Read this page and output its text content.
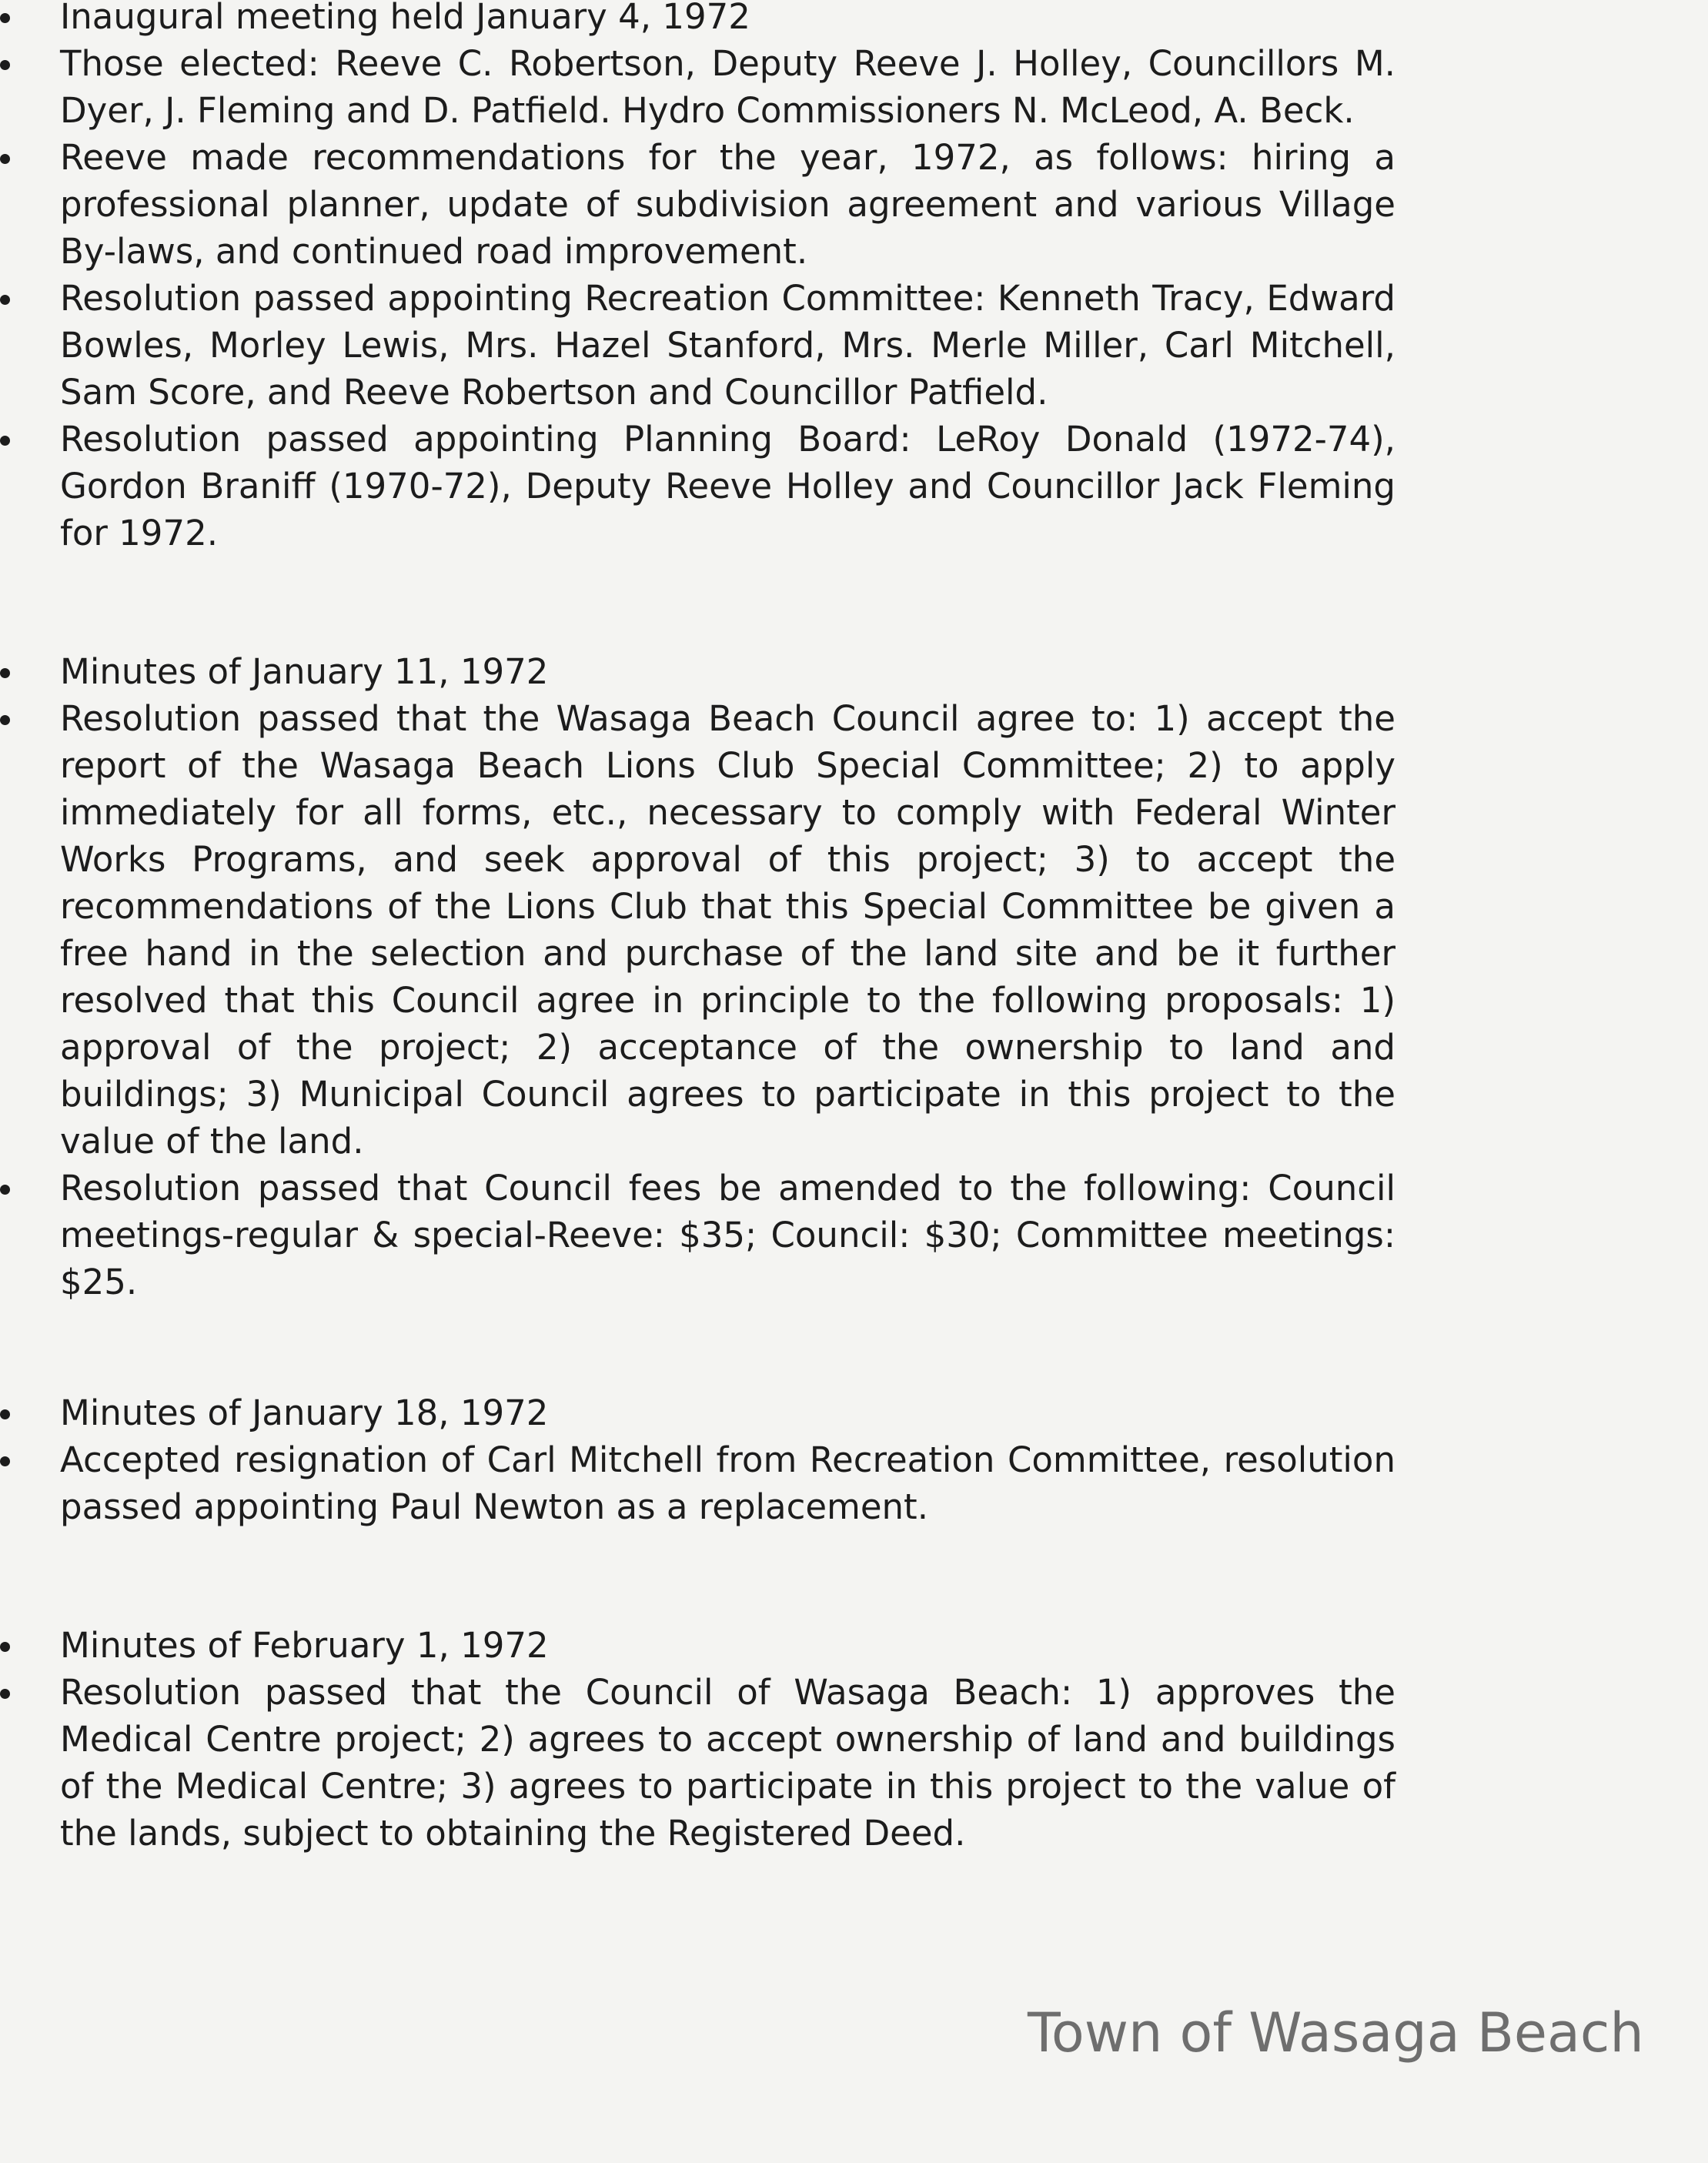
Inaugural meeting held January 4, 1972
Those elected: Reeve C. Robertson, Deputy Reeve J. Holley, Councillors M. Dyer, J. Fleming and D. Patfield. Hydro Commissioners N. McLeod, A. Beck.
Reeve made recommendations for the year, 1972, as follows: hiring a professional planner, update of subdivision agreement and various Village By-laws, and continued road improvement.
Resolution passed appointing Recreation Committee: Kenneth Tracy, Edward Bowles, Morley Lewis, Mrs. Hazel Stanford, Mrs. Merle Miller, Carl Mitchell, Sam Score, and Reeve Robertson and Councillor Patfield.
Resolution passed appointing Planning Board: LeRoy Donald (1972-74), Gordon Braniff (1970-72), Deputy Reeve Holley and Councillor Jack Fleming for 1972.
Minutes of January 11, 1972
Resolution passed that the Wasaga Beach Council agree to: 1) accept the report of the Wasaga Beach Lions Club Special Committee; 2) to apply immediately for all forms, etc., necessary to comply with Federal Winter Works Programs, and seek approval of this project; 3) to accept the recommendations of the Lions Club that this Special Committee be given a free hand in the selection and purchase of the land site and be it further resolved that this Council agree in principle to the following proposals: 1) approval of the project; 2) acceptance of the ownership to land and buildings; 3) Municipal Council agrees to participate in this project to the value of the land.
Resolution passed that Council fees be amended to the following: Council meetings-regular & special-Reeve: $35; Council: $30; Committee meetings: $25.
Minutes of January 18, 1972
Accepted resignation of Carl Mitchell from Recreation Committee, resolution passed appointing Paul Newton as a replacement.
Minutes of February 1, 1972
Resolution passed that the Council of Wasaga Beach: 1) approves the Medical Centre project; 2) agrees to accept ownership of land and buildings of the Medical Centre; 3) agrees to participate in this project to the value of the lands, subject to obtaining the Registered Deed.
Town of Wasaga Beach
